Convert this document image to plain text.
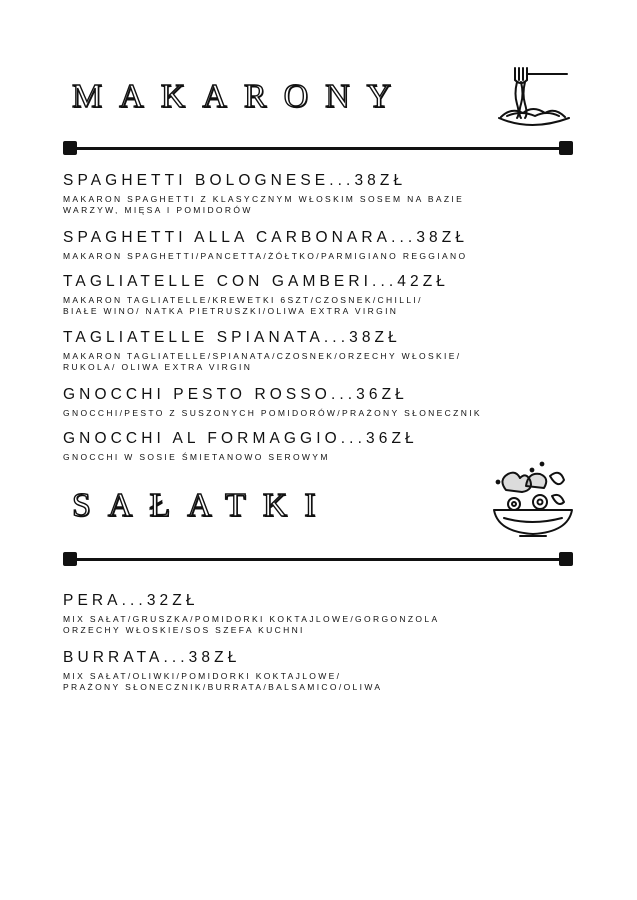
MAKARONY
SPAGHETTI BOLOGNESE...38ZŁ
MAKARON SPAGHETTI Z KLASYCZNYM WŁOSKIM SOSEM NA BAZIE
WARZYW, MIĘSA I POMIDORÓW
SPAGHETTI ALLA CARBONARA...38ZŁ
MAKARON SPAGHETTI/PANCETTA/ŻÓŁTKO/PARMIGIANO REGGIANO
TAGLIATELLE CON GAMBERI...42ZŁ
MAKARON TAGLIATELLE/KREWETKI 6SZT/CZOSNEK/CHILLI/
BIAŁE WINO/ NATKA PIETRUSZKI/OLIWA EXTRA VIRGIN
TAGLIATELLE SPIANATA...38ZŁ
MAKARON TAGLIATELLE/SPIANATA/CZOSNEK/ORZECHY WŁOSKIE/
RUKOLA/ OLIWA EXTRA VIRGIN
GNOCCHI PESTO ROSSO...36ZŁ
GNOCCHI/PESTO Z SUSZONYCH POMIDORÓW/PRAŻONY SŁONECZNIK
GNOCCHI AL FORMAGGIO...36ZŁ
GNOCCHI W SOSIE ŚMIETANOWO SEROWYM
SAŁATKI
PERA...32ZŁ
MIX SAŁAT/GRUSZKA/POMIDORKI KOKTAJLOWE/GORGONZOLA
ORZECHY WŁOSKIE/SOS SZEFA KUCHNI
BURRATA...38ZŁ
MIX SAŁAT/OLIWKI/POMIDORKI KOKTAJLOWE/
PRAŻONY SŁONECZNIK/BURRATA/BALSAMICO/OLIWA
